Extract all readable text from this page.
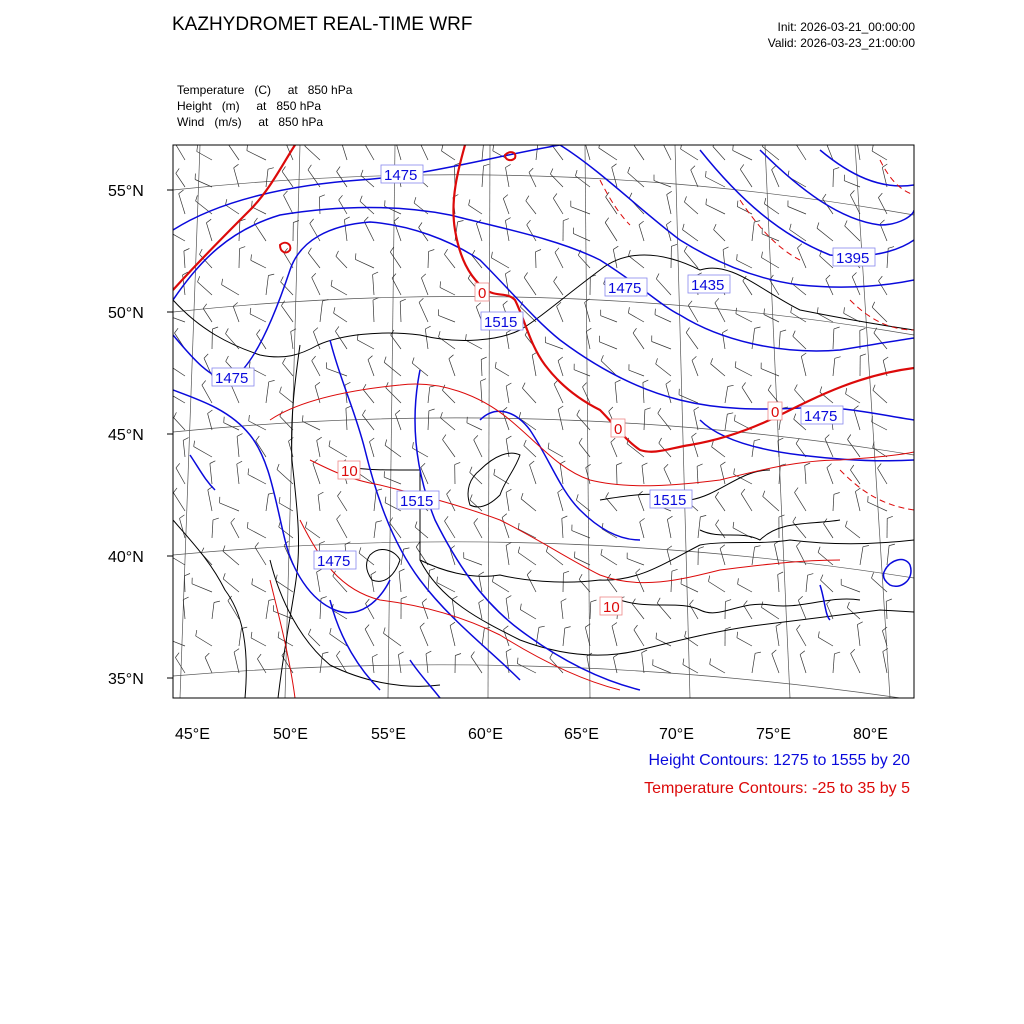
KAZHYDROMET REAL-TIME WRF	Init: 2026-03-21_00:00:00
Valid: 2026-03-23_21:00:00
Temperature   (C)     at   850 hPa
Height   (m)     at   850 hPa
Wind   (m/s)     at   850 hPa
1475
1515
1475	1435
1395
1475
1475
1515	1515
1475
0
0
0
10
10
55°N
50°N
45°N
40°N
35°N
45°E	50°E	55°E	60°E	65°E	70°E	75°E	80°E
Height Contours: 1275 to 1555 by 20
Temperature Contours: -25 to 35 by 5
